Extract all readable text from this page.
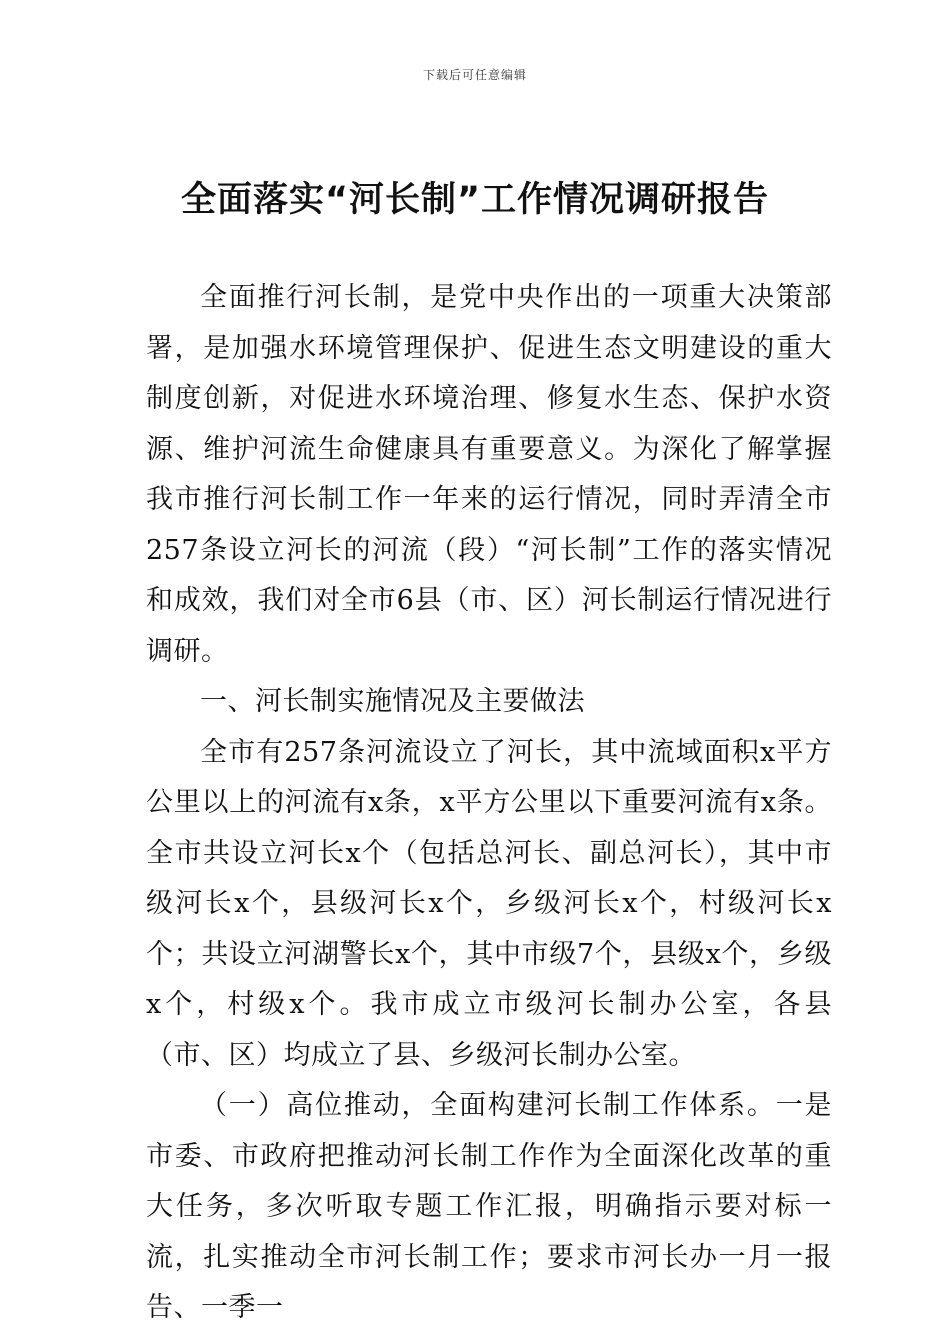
下载后可任意编辑
全面落实“河长制”工作情况调研报告

全面推行河长制，是党中央作出的一项重大决策部署，是加强水环境管理保护、促进生态文明建设的重大制度创新，对促进水环境治理、修复水生态、保护水资源、维护河流生命健康具有重要意义。为深化了解掌握我市推行河长制工作一年来的运行情况，同时弄清全市257条设立河长的河流（段）“河长制”工作的落实情况和成效，我们对全市6县（市、区）河长制运行情况进行调研。

一、河长制实施情况及主要做法

全市有257条河流设立了河长，其中流域面积x平方公里以上的河流有x条，x平方公里以下重要河流有x条。全市共设立河长x个（包括总河长、副总河长），其中市级河长x个，县级河长x个，乡级河长x个，村级河长x个；共设立河湖警长x个，其中市级7个，县级x个，乡级x个，村级x个。我市成立市级河长制办公室，各县（市、区）均成立了县、乡级河长制办公室。

（一）高位推动，全面构建河长制工作体系。一是市委、市政府把推动河长制工作作为全面深化改革的重大任务，多次听取专题工作汇报，明确指示要对标一流，扎实推动全市河长制工作；要求市河长办一月一报告、一季一
